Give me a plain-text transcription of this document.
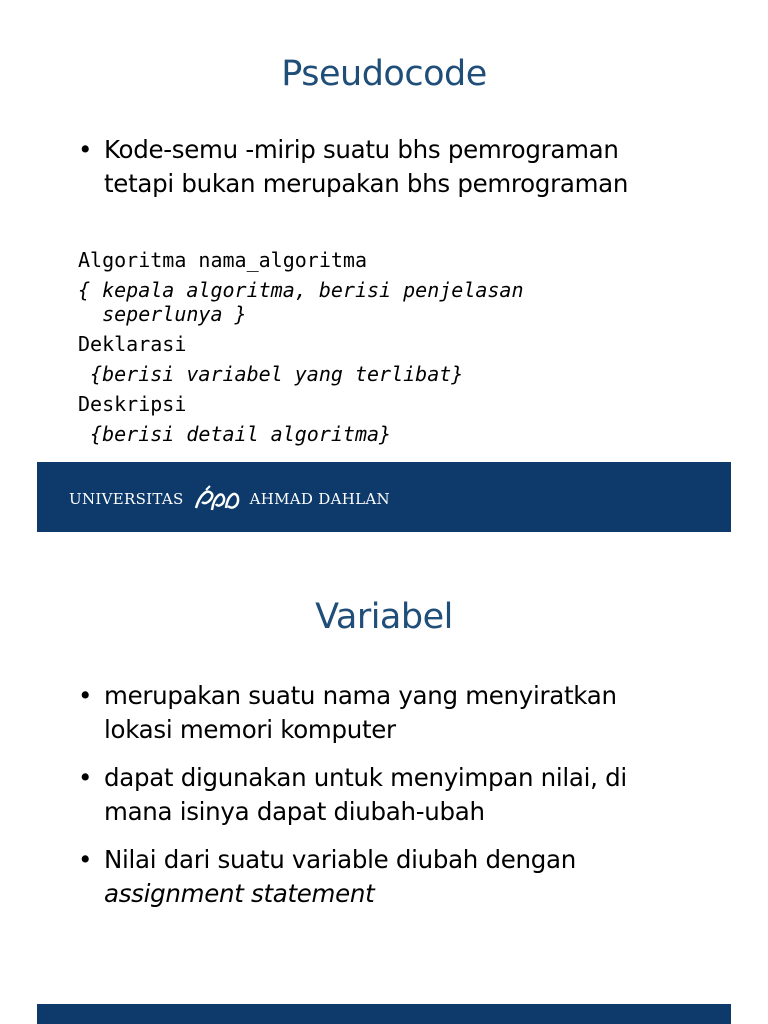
Pseudocode
• Kode-semu -mirip suatu bhs pemrograman tetapi bukan merupakan bhs pemrograman
Algoritma nama_algoritma
{ kepala algoritma, berisi penjelasan
seperlunya }
Deklarasi
{berisi variabel yang terlibat}
Deskripsi
{berisi detail algoritma}
UNIVERSITAS	AHMAD DAHLAN
Variabel
• merupakan suatu nama yang menyiratkan lokasi memori komputer
• dapat digunakan untuk menyimpan nilai, di mana isinya dapat diubah-ubah
• Nilai dari suatu variable diubah dengan
assignment statement
